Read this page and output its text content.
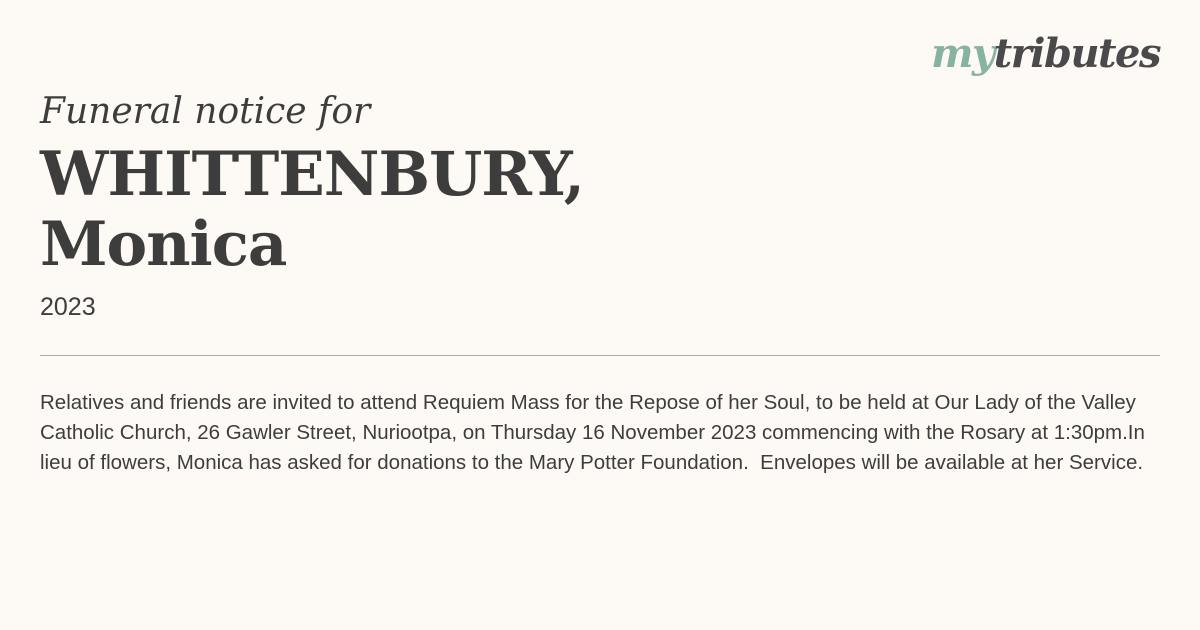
mytributes
Funeral notice for
WHITTENBURY,
Monica
2023
Relatives and friends are invited to attend Requiem Mass for the Repose of her Soul, to be held at Our Lady of the Valley Catholic Church, 26 Gawler Street, Nuriootpa, on Thursday 16 November 2023 commencing with the Rosary at 1:30pm.In lieu of flowers, Monica has asked for donations to the Mary Potter Foundation.  Envelopes will be available at her Service.
